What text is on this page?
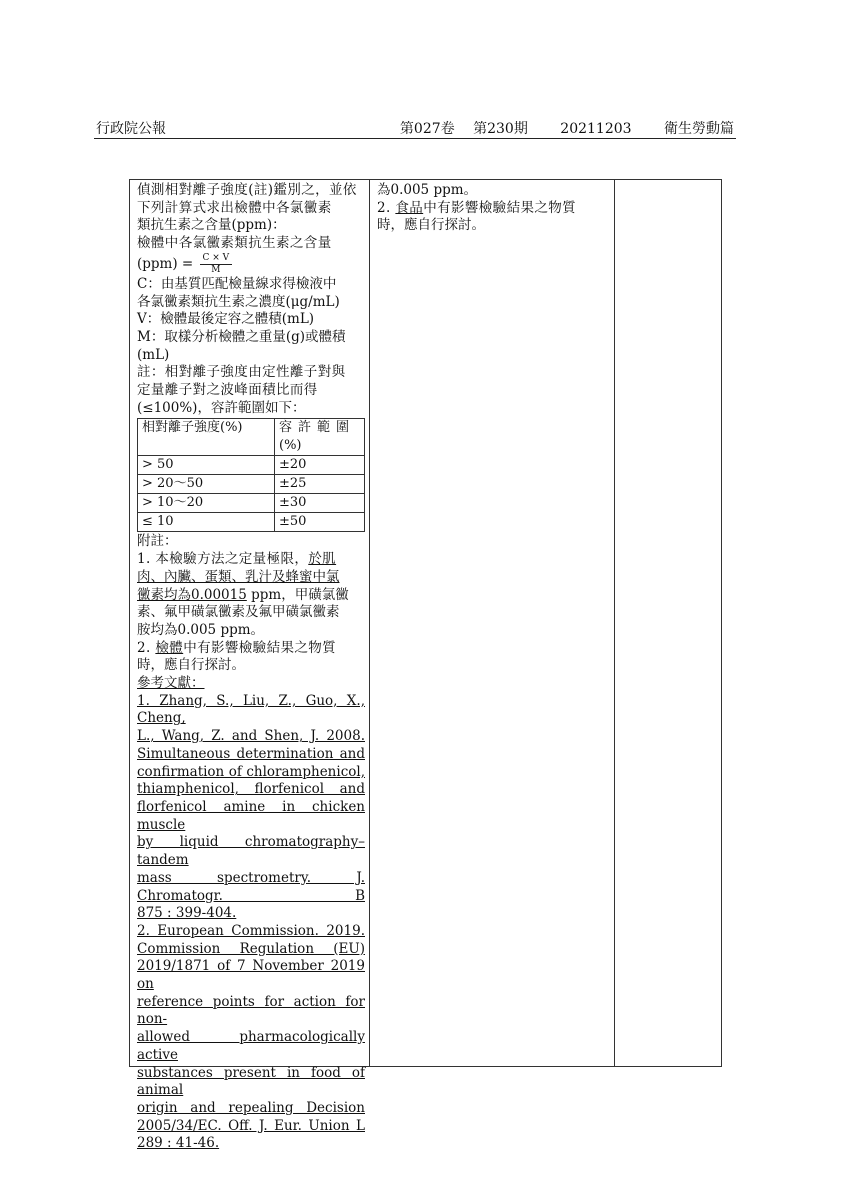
行政院公報	第027卷 第230期 20211203 衛生勞動篇

偵測相對離子強度(註)鑑別之，並依

下列計算式求出檢體中各氯黴素

類抗生素之含量(ppm)：

檢體中各氯黴素類抗生素之含量

$(ppm) = \frac{C \times V}{M}$

C：由基質匹配檢量線求得檢液中

各氯黴素類抗生素之濃度(μg/mL)

V：檢體最後定容之體積(mL)

M：取樣分析檢體之重量(g)或體積

(mL)

註：相對離子強度由定性離子對與

定量離子對之波峰面積比而得

(≤100%)，容許範圍如下：

相對離子強度(%)	容許範圍
(%)
> 50	±20
> 20～50	±25
> 10～20	±30
≤ 10	±50

附註：

1. 本檢驗方法之定量極限，於肌

肉、內臟、蛋類、乳汁及蜂蜜中氯

黴素均為0.00015 ppm，甲磺氯黴

素、氟甲磺氯黴素及氟甲磺氯黴素

胺均為0.005 ppm。

2. 檢體中有影響檢驗結果之物質

時，應自行探討。

參考文獻：

1. Zhang, S., Liu, Z., Guo, X., Cheng,

L., Wang, Z. and Shen, J. 2008.

Simultaneous determination and

confirmation of chloramphenicol,

thiamphenicol, florfenicol and

florfenicol amine in chicken muscle

by liquid chromatography–tandem

mass spectrometry. J. Chromatogr. B

875 : 399-404.

2. European Commission. 2019.

Commission Regulation (EU)

2019/1871 of 7 November 2019 on

reference points for action for non-

allowed pharmacologically active

substances present in food of animal

origin and repealing Decision

2005/34/EC. Off. J. Eur. Union L

289 : 41-46.

為0.005 ppm。

2. 食品中有影響檢驗結果之物質

時，應自行探討。
